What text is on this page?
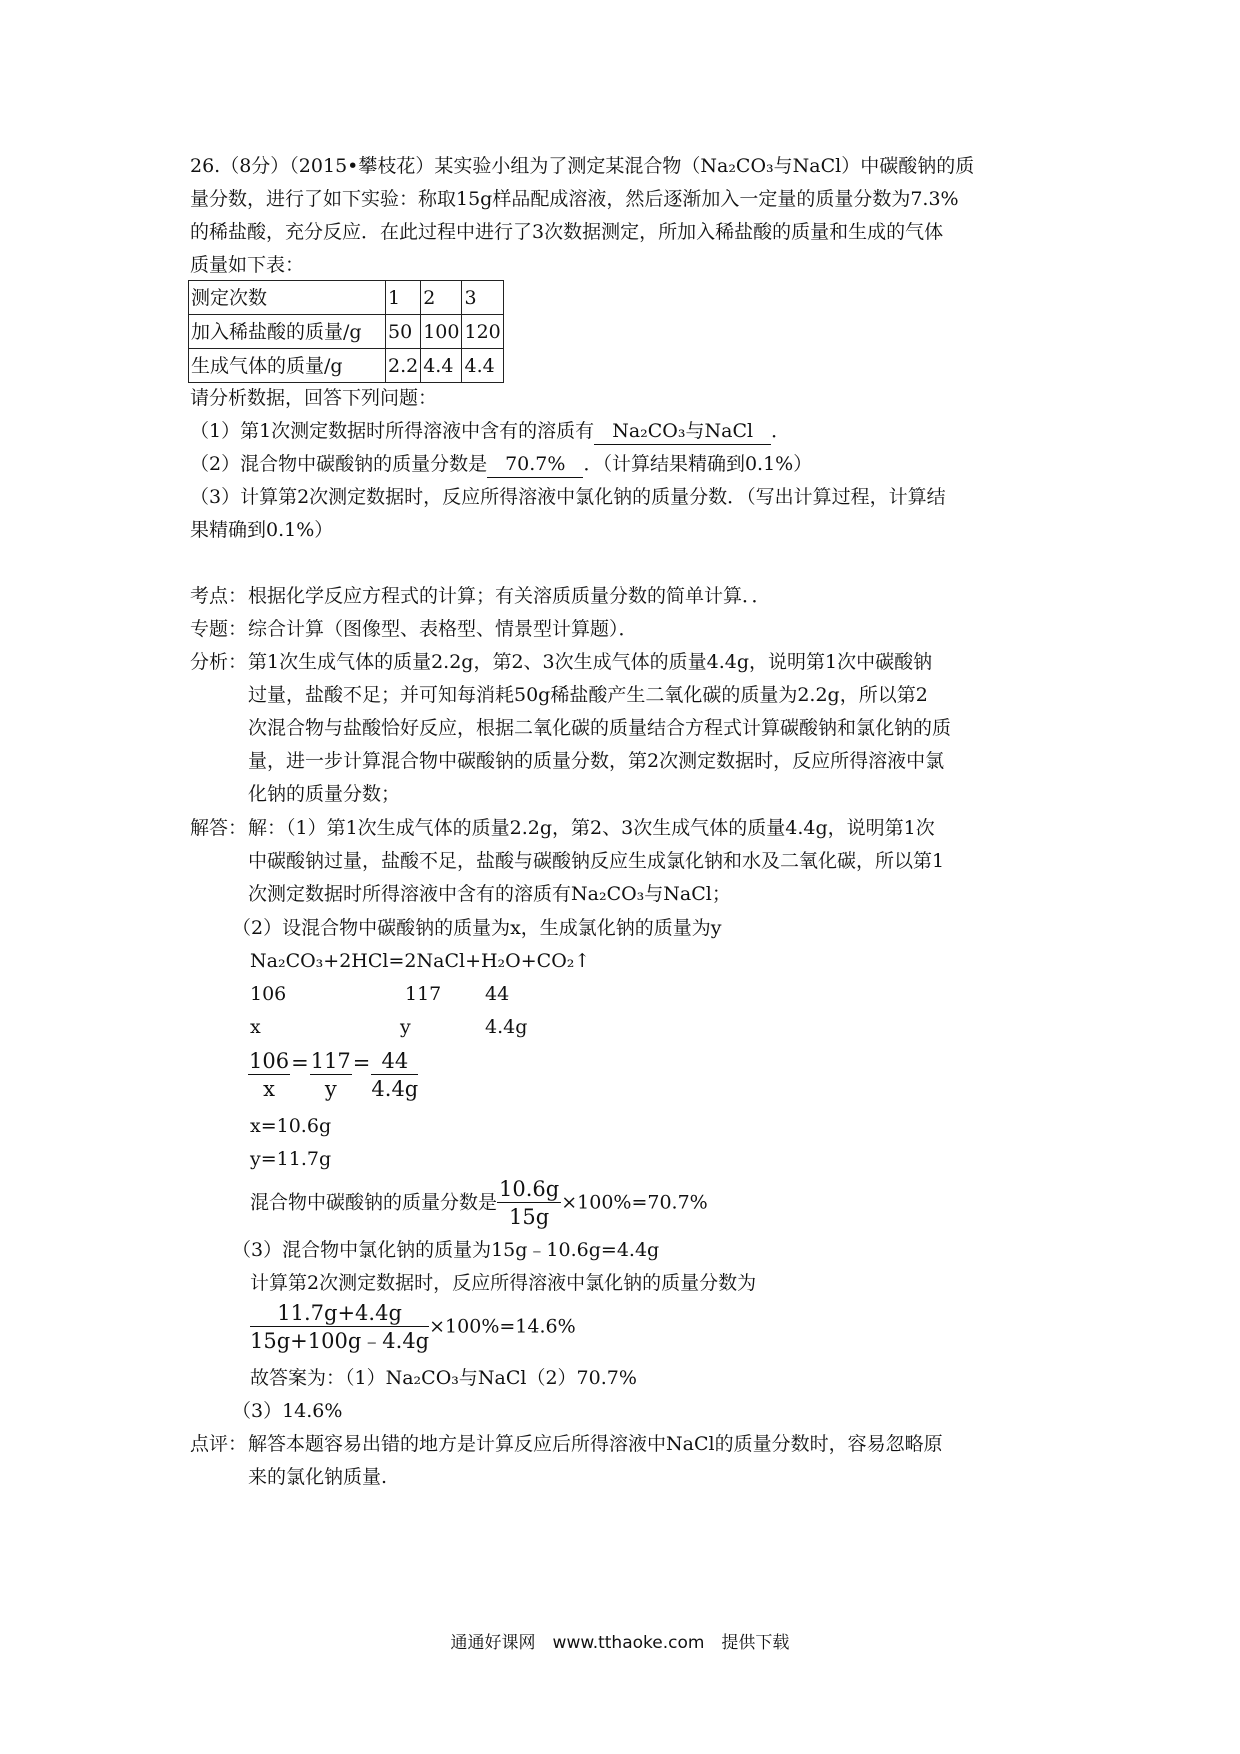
26.（8分）（2015•攀枝花）某实验小组为了测定某混合物（Na₂CO₃与NaCl）中碳酸钠的质
量分数，进行了如下实验：称取15g样品配成溶液，然后逐渐加入一定量的质量分数为7.3%
的稀盐酸，充分反应．在此过程中进行了3次数据测定，所加入稀盐酸的质量和生成的气体
质量如下表：
测定次数	1	2	3
加入稀盐酸的质量/g	50	100	120
生成气体的质量/g	2.2	4.4	4.4
请分析数据，回答下列问题：
（1）第1次测定数据时所得溶液中含有的溶质有 Na₂CO₃与NaCl ．
（2）混合物中碳酸钠的质量分数是 70.7% ．（计算结果精确到0.1%）
（3）计算第2次测定数据时，反应所得溶液中氯化钠的质量分数．（写出计算过程，计算结
果精确到0.1%）
考点： 根据化学反应方程式的计算；有关溶质质量分数的简单计算．．
专题： 综合计算（图像型、表格型、情景型计算题）．
分析： 第1次生成气体的质量2.2g，第2、3次生成气体的质量4.4g，说明第1次中碳酸钠
过量，盐酸不足；并可知每消耗50g稀盐酸产生二氧化碳的质量为2.2g，所以第2
次混合物与盐酸恰好反应，根据二氧化碳的质量结合方程式计算碳酸钠和氯化钠的质
量，进一步计算混合物中碳酸钠的质量分数，第2次测定数据时，反应所得溶液中氯
化钠的质量分数；
解答： 解：（1）第1次生成气体的质量2.2g，第2、3次生成气体的质量4.4g，说明第1次
中碳酸钠过量，盐酸不足，盐酸与碳酸钠反应生成氯化钠和水及二氧化碳，所以第1
次测定数据时所得溶液中含有的溶质有Na₂CO₃与NaCl；
（2）设混合物中碳酸钠的质量为x，生成氯化钠的质量为y
Na₂CO₃+2HCl=2NaCl+H₂O+CO₂↑
106	117 44
x	y	4.4g
$\frac{106}{x} = \frac{117}{y} = \frac{44}{4.4g}$
x=10.6g
y=11.7g
混合物中碳酸钠的质量分数是 $\frac{10.6g}{15g} \times 100\%=70.7\%$
（3）混合物中氯化钠的质量为15g﹣10.6g=4.4g
计算第2次测定数据时，反应所得溶液中氯化钠的质量分数为
$\frac{11.7g+4.4g}{15g+100g﹣4.4g} \times 100\%=14.6\%$
故答案为：（1）Na₂CO₃与NaCl（2）70.7%
（3）14.6%
点评： 解答本题容易出错的地方是计算反应后所得溶液中NaCl的质量分数时，容易忽略原
来的氯化钠质量.
通通好课网　www.tthaoke.com　提供下载
